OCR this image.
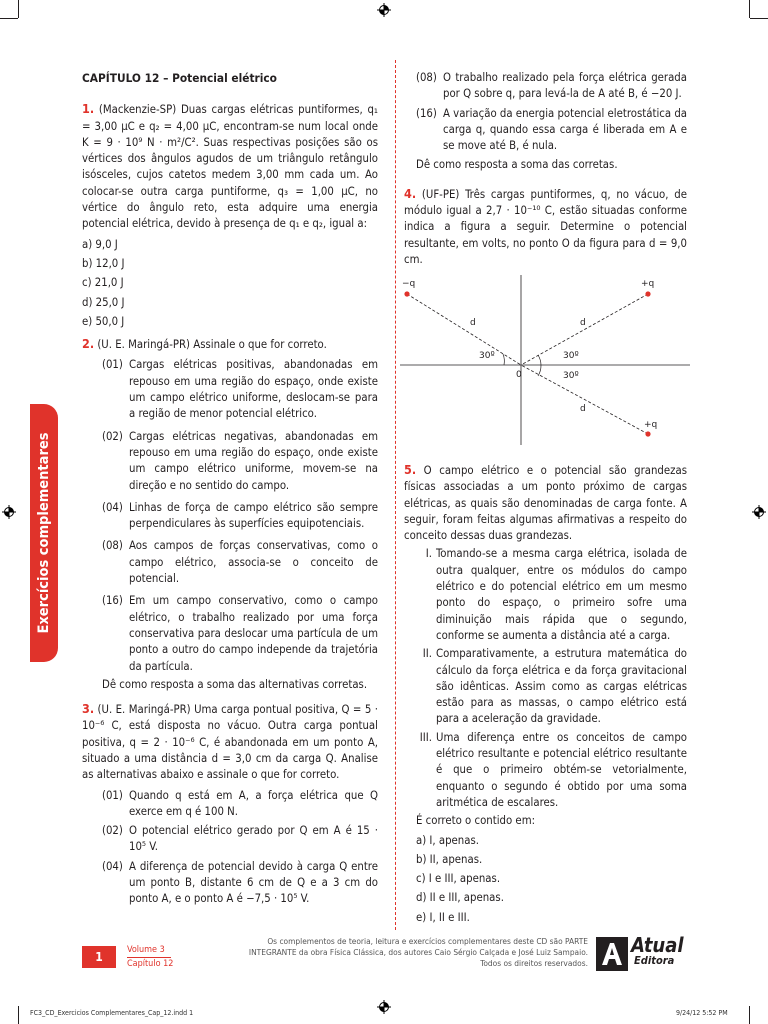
Exercícios complementares

CAPÍTULO 12 – Potencial elétrico

1. (Mackenzie-SP) Duas cargas elétricas puntiformes, q₁ = 3,00 μC e q₂ = 4,00 μC, encontram-se num local onde K = 9 · 10⁹ N · m²/C². Suas respectivas posições são os vértices dos ângulos agudos de um triângulo retângulo isósceles, cujos catetos medem 3,00 mm cada um. Ao colocar-se outra carga puntiforme, q₃ = 1,00 μC, no vértice do ângulo reto, esta adquire uma energia potencial elétrica, devido à presença de q₁ e q₂, igual a:

a) 9,0 J

b) 12,0 J

c) 21,0 J

d) 25,0 J

e) 50,0 J

2. (U. E. Maringá-PR) Assinale o que for correto.

(01) Cargas elétricas positivas, abandonadas em repouso em uma região do espaço, onde existe um campo elétrico uniforme, deslocam-se para a região de menor potencial elétrico.
(02) Cargas elétricas negativas, abandonadas em repouso em uma região do espaço, onde existe um campo elétrico uniforme, movem-se na direção e no sentido do campo.
(04) Linhas de força de campo elétrico são sempre perpendiculares às superfícies equipotenciais.
(08) Aos campos de forças conservativas, como o campo elétrico, associa-se o conceito de potencial.
(16) Em um campo conservativo, como o campo elétrico, o trabalho realizado por uma força conservativa para deslocar uma partícula de um ponto a outro do campo independe da trajetória da partícula.

Dê como resposta a soma das alternativas corretas.

3. (U. E. Maringá-PR) Uma carga pontual positiva, Q = 5 · 10⁻⁶ C, está disposta no vácuo. Outra carga pontual positiva, q = 2 · 10⁻⁶ C, é abandonada em um ponto A, situado a uma distância d = 3,0 cm da carga Q. Analise as alternativas abaixo e assinale o que for correto.

(01) Quando q está em A, a força elétrica que Q exerce em q é 100 N.
(02) O potencial elétrico gerado por Q em A é 15 · 10⁵ V.
(04) A diferença de potencial devido à carga Q entre um ponto B, distante 6 cm de Q e a 3 cm do ponto A, e o ponto A é −7,5 · 10⁵ V.
(08) O trabalho realizado pela força elétrica gerada por Q sobre q, para levá-la de A até B, é −20 J.
(16) A variação da energia potencial eletrostática da carga q, quando essa carga é liberada em A e se move até B, é nula.

Dê como resposta a soma das corretas.

4. (UF-PE) Três cargas puntiformes, q, no vácuo, de módulo igual a 2,7 · 10⁻¹⁰ C, estão situadas conforme indica a figura a seguir. Determine o potencial resultante, em volts, no ponto O da figura para d = 9,0 cm.

−q	+q
+q
d	d
d
30º	30º
30º
0

5. O campo elétrico e o potencial são grandezas físicas associadas a um ponto próximo de cargas elétricas, as quais são denominadas de carga fonte. A seguir, foram feitas algumas afirmativas a respeito do conceito dessas duas grandezas.

I. Tomando-se a mesma carga elétrica, isolada de outra qualquer, entre os módulos do campo elétrico e do potencial elétrico em um mesmo ponto do espaço, o primeiro sofre uma diminuição mais rápida que o segundo, conforme se aumenta a distância até a carga.
II. Comparativamente, a estrutura matemática do cálculo da força elétrica e da força gravitacional são idênticas. Assim como as cargas elétricas estão para as massas, o campo elétrico está para a aceleração da gravidade.
III. Uma diferença entre os conceitos de campo elétrico resultante e potencial elétrico resultante é que o primeiro obtém-se vetorialmente, enquanto o segundo é obtido por uma soma aritmética de escalares.

É correto o contido em:

a) I, apenas.

b) II, apenas.

c) I e III, apenas.

d) II e III, apenas.

e) I, II e III.

1	Volume 3
Capítulo 12
Os complementos de teoria, leitura e exercícios complementares deste CD são PARTE
INTEGRANTE da obra Física Clássica, dos autores Caio Sérgio Calçada e José Luiz Sampaio.
Todos os direitos reservados.
Atual
Editora
FC3_CD_Exercicios Complementares_Cap_12.indd 1	9/24/12 5:52 PM
